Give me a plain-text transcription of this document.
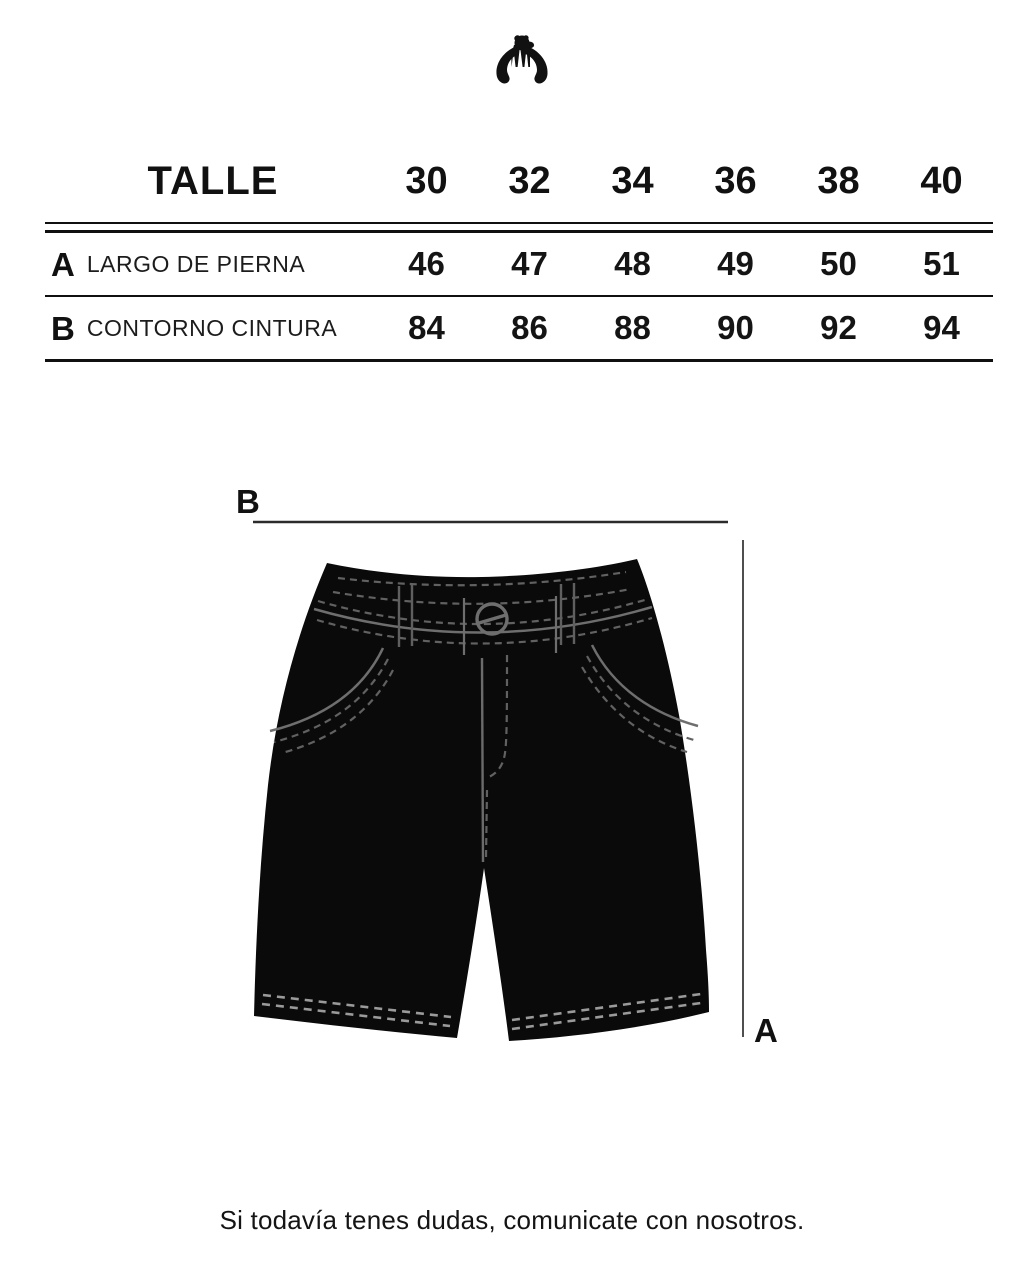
TALLE	30	32	34	36	38	40
A LARGO DE PIERNA	46	47	48	49	50	51
B CONTORNO CINTURA	84	86	88	90	92	94
B
A
Si todavía tenes dudas, comunicate con nosotros.
